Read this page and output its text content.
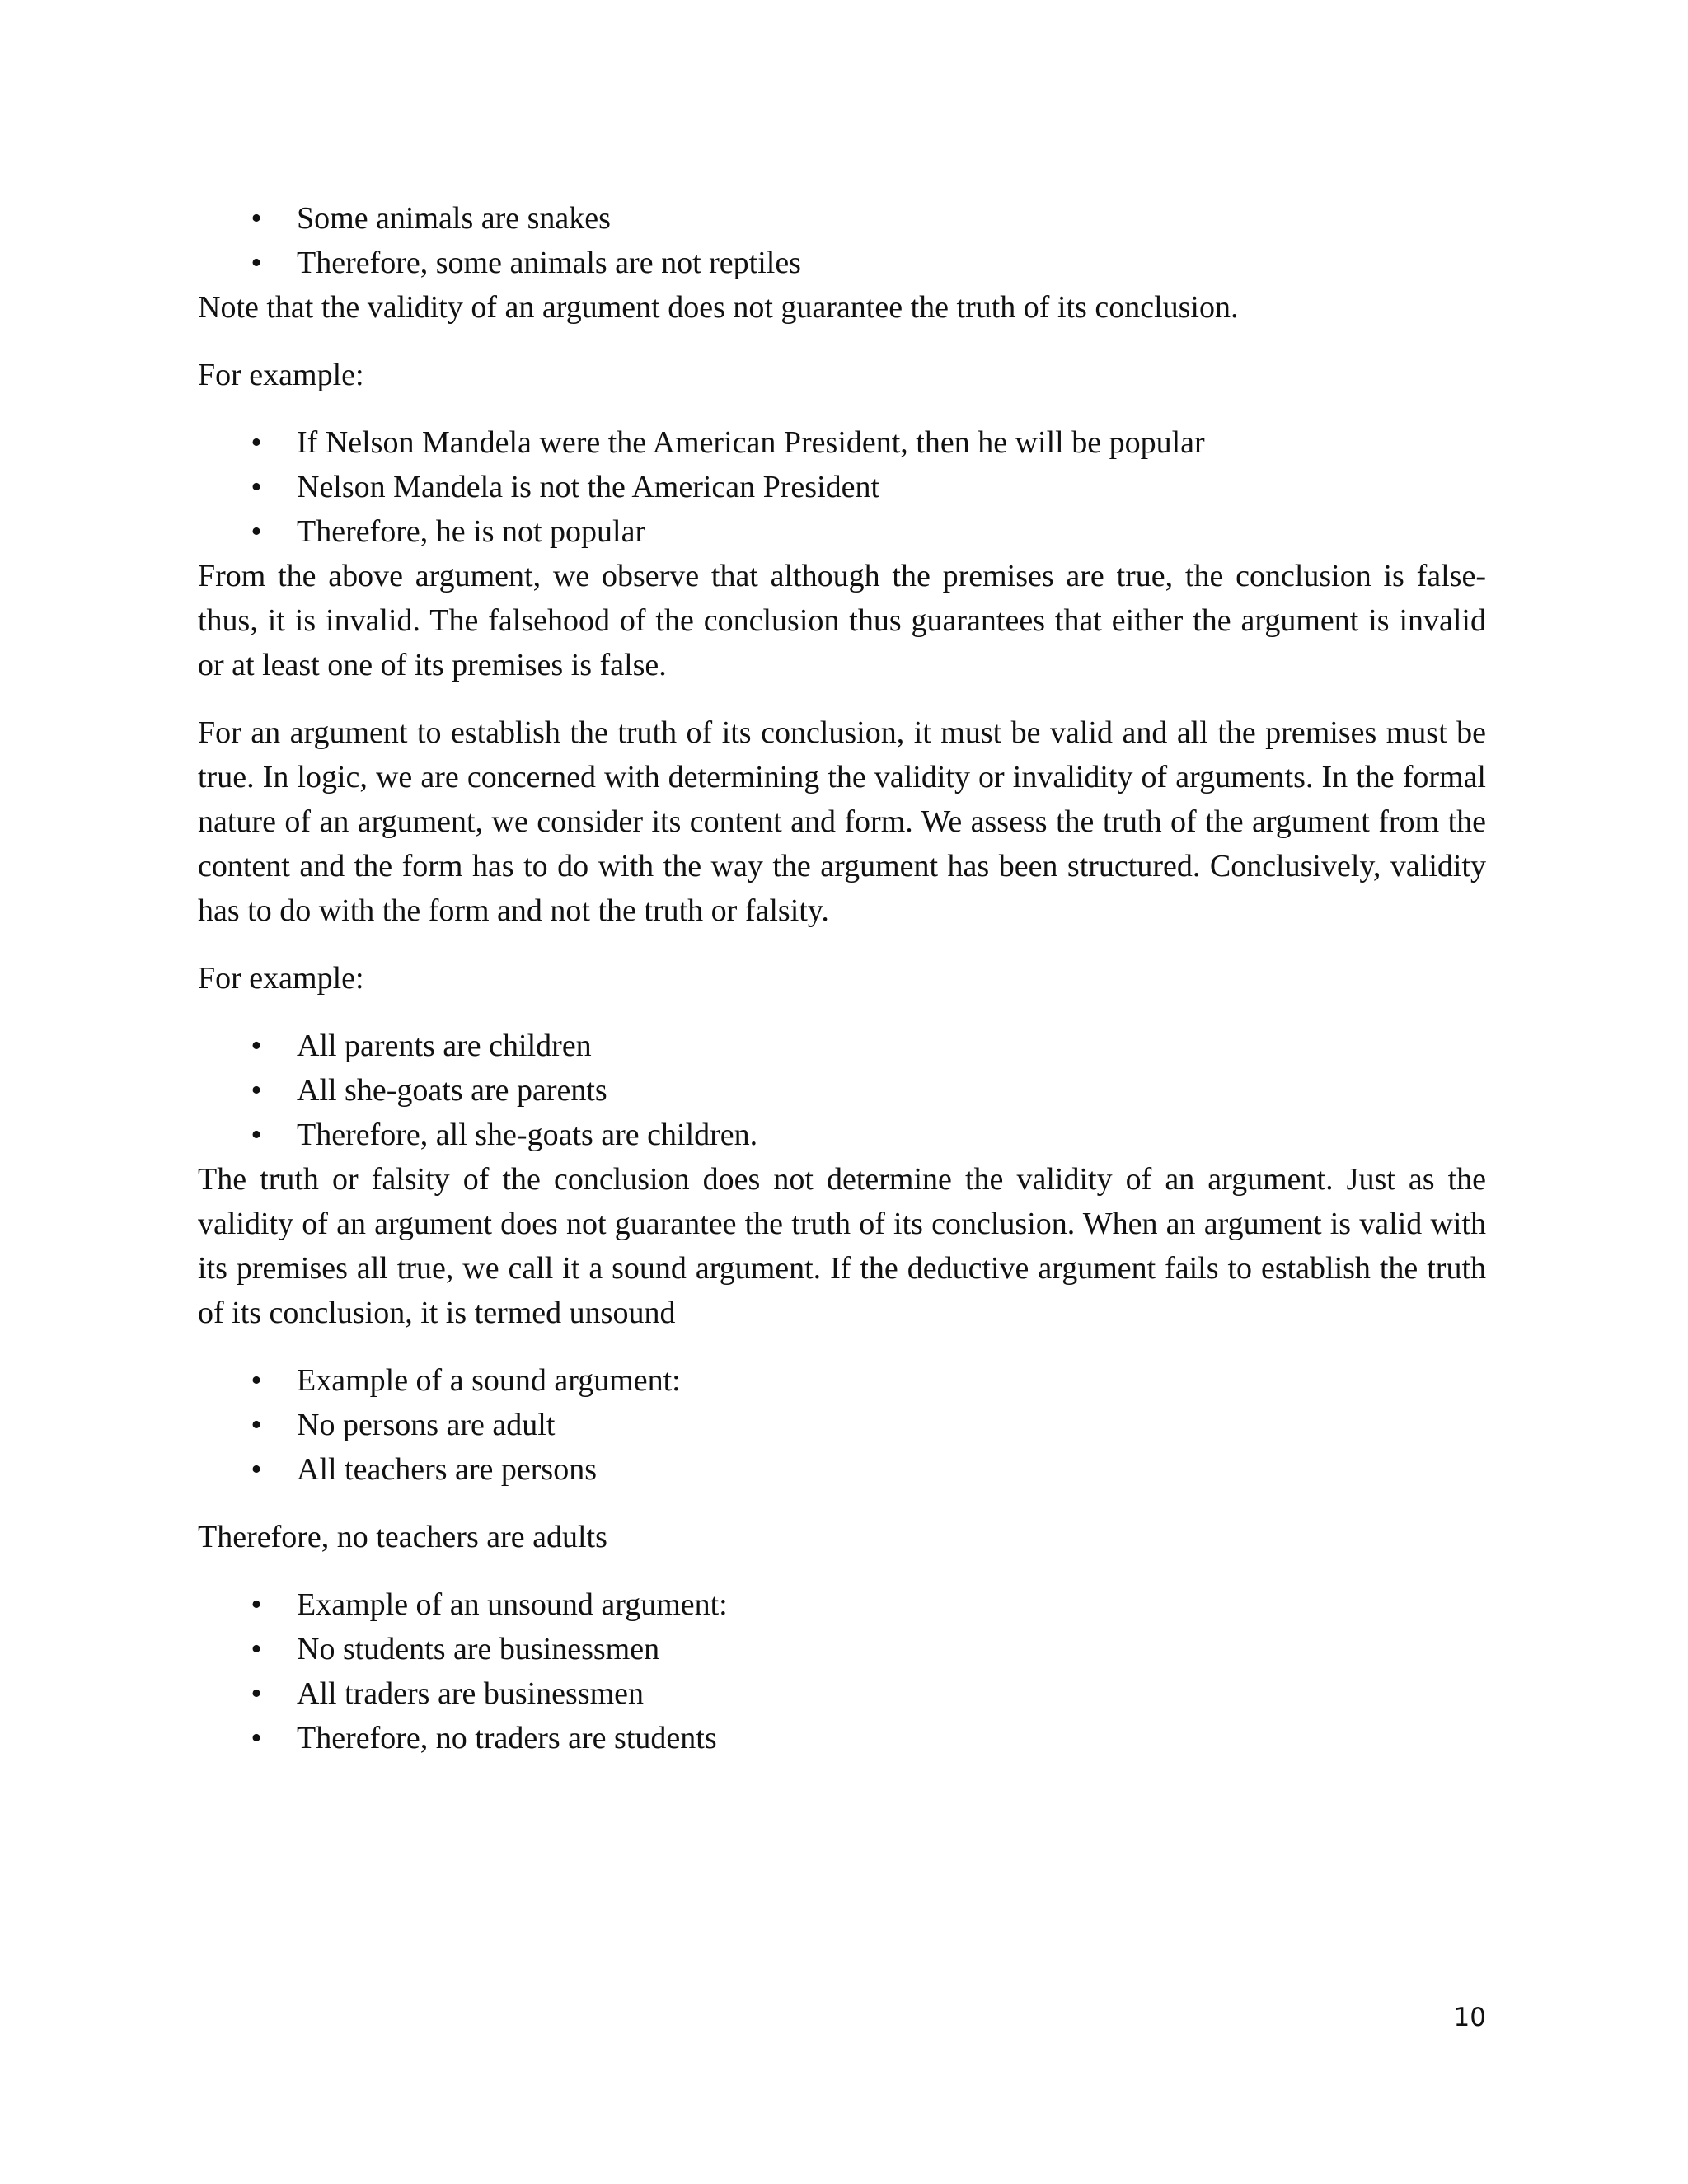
• Some animals are snakes
• Therefore, some animals are not reptiles

Note that the validity of an argument does not guarantee the truth of its conclusion.

For example:

• If Nelson Mandela were the American President, then he will be popular
• Nelson Mandela is not the American President
• Therefore, he is not popular

From the above argument, we observe that although the premises are true, the conclusion is false- thus, it is invalid. The falsehood of the conclusion thus guarantees that either the argument is invalid or at least one of its premises is false.

For an argument to establish the truth of its conclusion, it must be valid and all the premises must be true. In logic, we are concerned with determining the validity or invalidity of arguments. In the formal nature of an argument, we consider its content and form. We assess the truth of the argument from the content and the form has to do with the way the argument has been structured. Conclusively, validity has to do with the form and not the truth or falsity.

For example:

• All parents are children
• All she-goats are parents
• Therefore, all she-goats are children.

The truth or falsity of the conclusion does not determine the validity of an argument. Just as the validity of an argument does not guarantee the truth of its conclusion. When an argument is valid with its premises all true, we call it a sound argument. If the deductive argument fails to establish the truth of its conclusion, it is termed unsound

• Example of a sound argument:
• No persons are adult
• All teachers are persons

Therefore, no teachers are adults

• Example of an unsound argument:
• No students are businessmen
• All traders are businessmen
• Therefore, no traders are students
10
